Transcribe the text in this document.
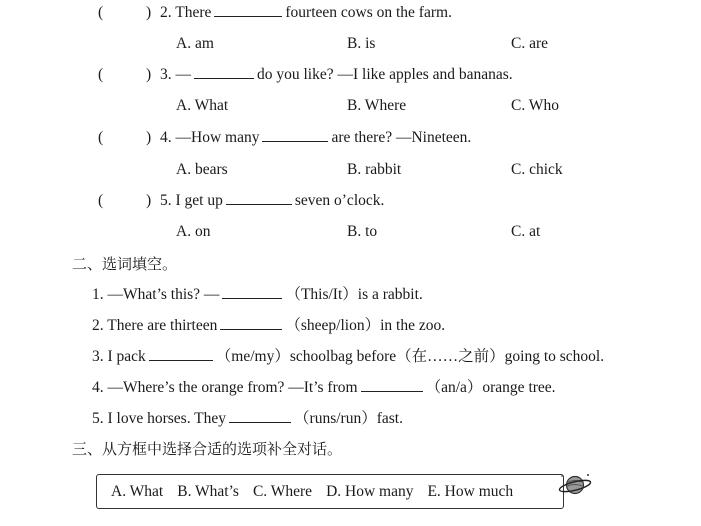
(	) 2. There	fourteen cows on the farm.
A. am	B. is	C. are
(	) 3. —	do you like? —I like apples and bananas.
A. What	B. Where	C. Who
(	) 4. —How many	are there? —Nineteen.
A. bears	B. rabbit	C. chick
(	) 5. I get up	seven o’clock.
A. on	B. to	C. at
二、选词填空。
1. —What’s this? —	（This/It）is a rabbit.
2. There are thirteen	（sheep/lion）in the zoo.
3. I pack	（me/my）schoolbag before（在……之前）going to school.
4. —Where’s the orange from? —It’s from	（an/a）orange tree.
5. I love horses. They	（runs/run）fast.
三、从方框中选择合适的选项补全对话。
A. What B. What’s C. Where D. How many E. How much
